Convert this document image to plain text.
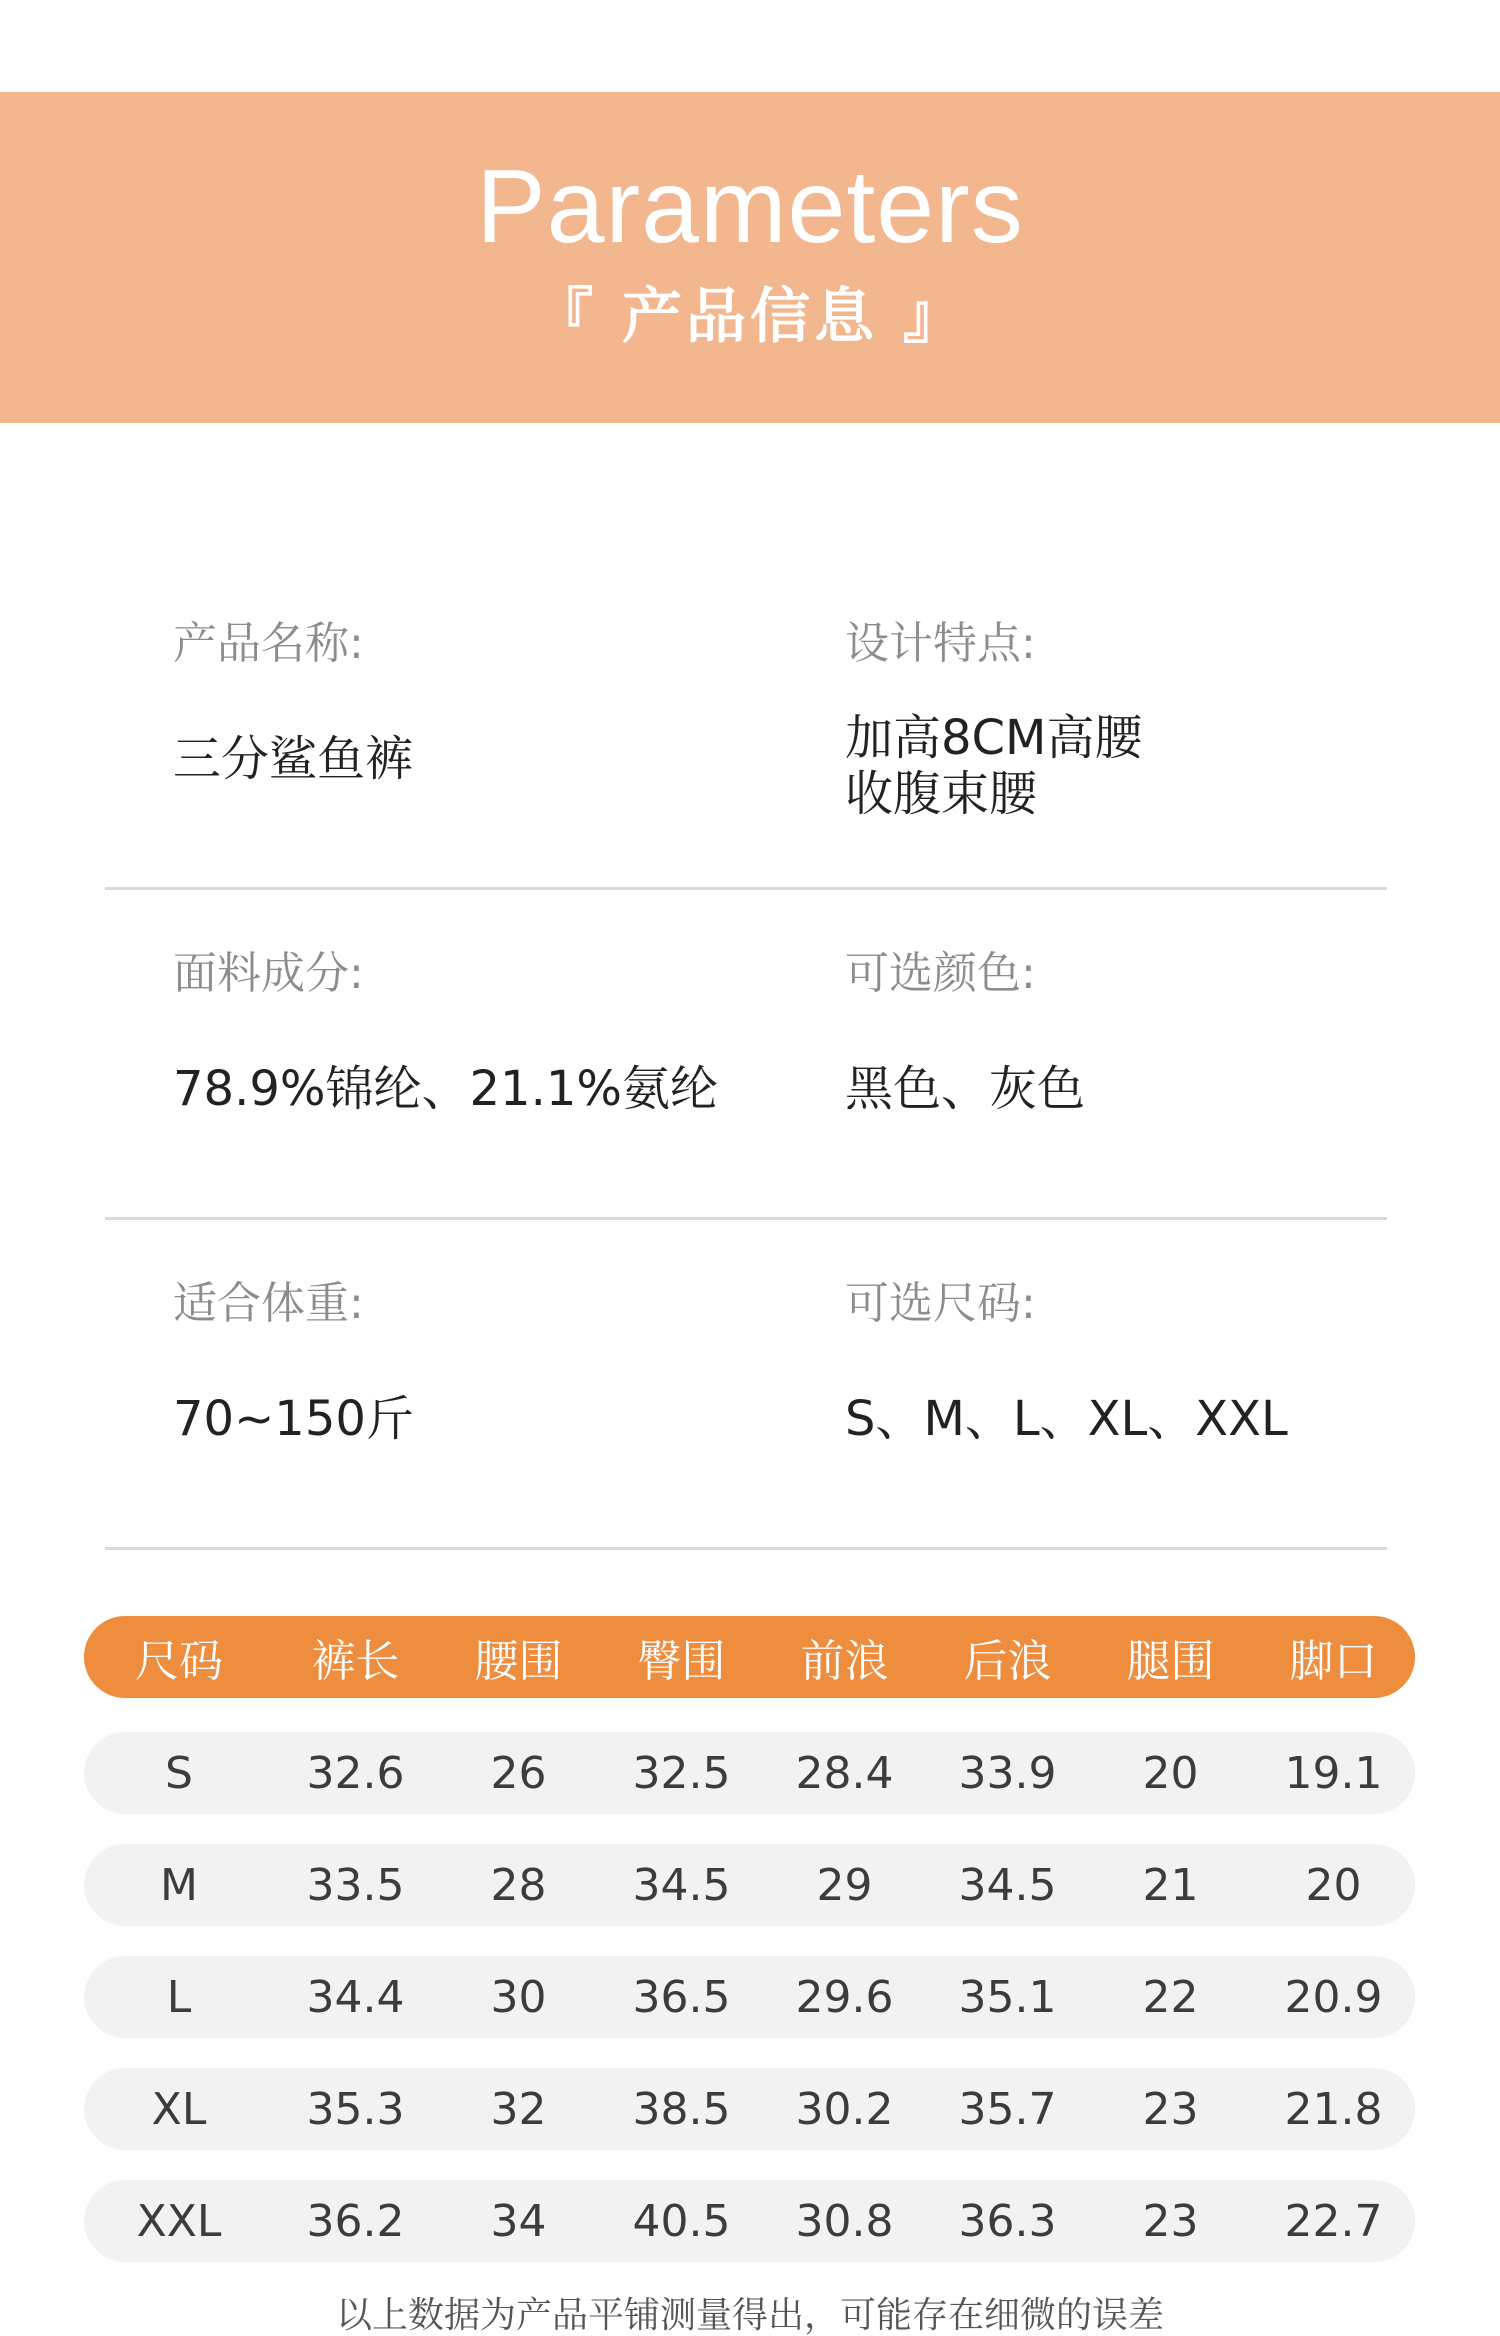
Parameters
『 产品信息 』
产品名称:
三分鲨鱼裤
设计特点:
加高8CM高腰
收腹束腰
面料成分:
78.9%锦纶、21.1%氨纶
可选颜色:
黑色、灰色
适合体重:
70~150斤
可选尺码:
S、M、L、XL、XXL
尺码	裤长	腰围	臀围	前浪	后浪	腿围	脚口
S	32.6	26	32.5	28.4	33.9	20	19.1
M	33.5	28	34.5	29	34.5	21	20
L	34.4	30	36.5	29.6	35.1	22	20.9
XL	35.3	32	38.5	30.2	35.7	23	21.8
XXL	36.2	34	40.5	30.8	36.3	23	22.7
以上数据为产品平铺测量得出，可能存在细微的误差
